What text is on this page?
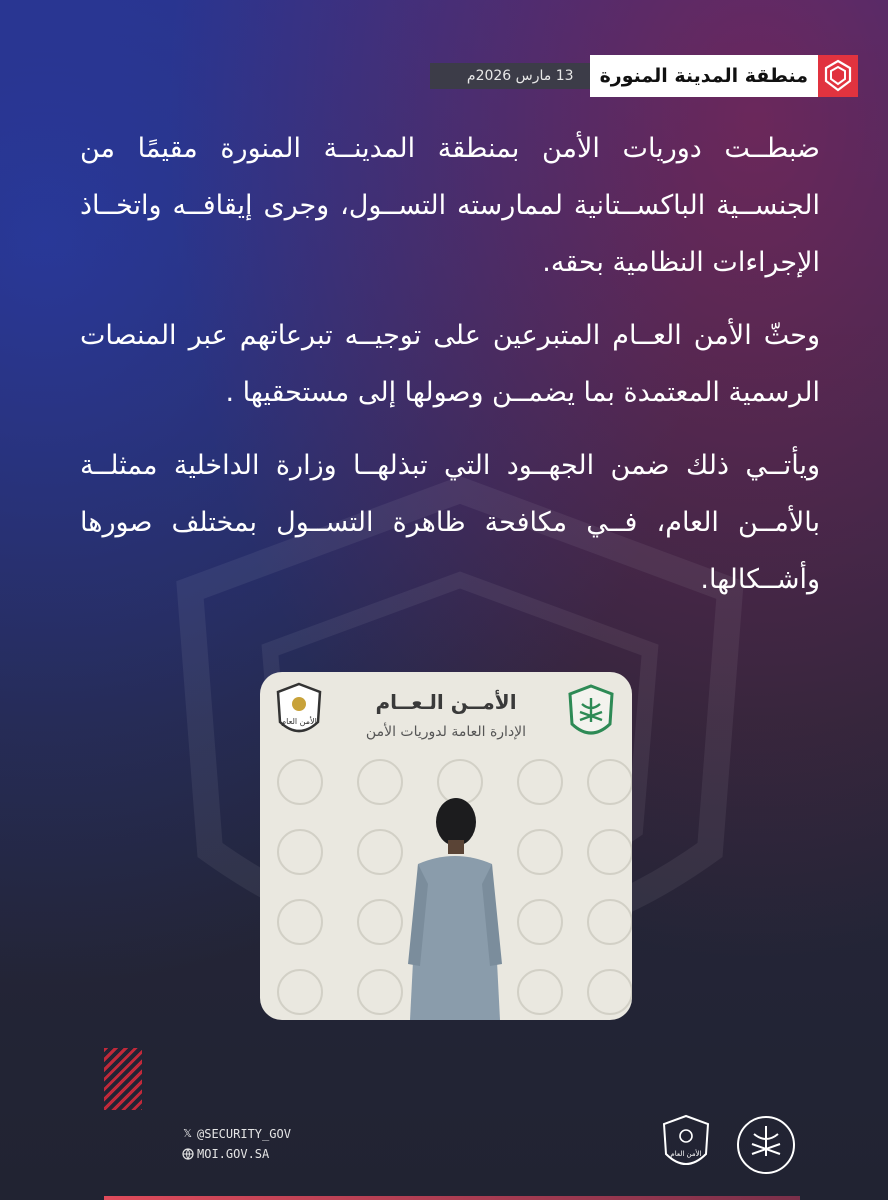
منطقة المدينة المنورة
13 مارس 2026م

ضبطــت دوريات الأمن بمنطقة المدينــة المنورة مقيمًا من الجنســية الباكســتانية لممارسته التســول، وجرى إيقافــه واتخــاذ الإجراءات النظامية بحقه.

وحثّ الأمن العــام المتبرعين على توجيــه تبرعاتهم عبر المنصات الرسمية المعتمدة بما يضمــن وصولها إلى مستحقيها .

ويأتــي ذلك ضمن الجهــود التي تبذلهــا وزارة الداخلية ممثلــة بالأمــن العام، فــي مكافحة ظاهرة التســول بمختلف صورها وأشــكالها.

الأمــن الـعــام
الإدارة العامة لدوريات الأمن
الأمن العام
𝕏 @SECURITY_GOV
MOI.GOV.SA	الأمن العام
